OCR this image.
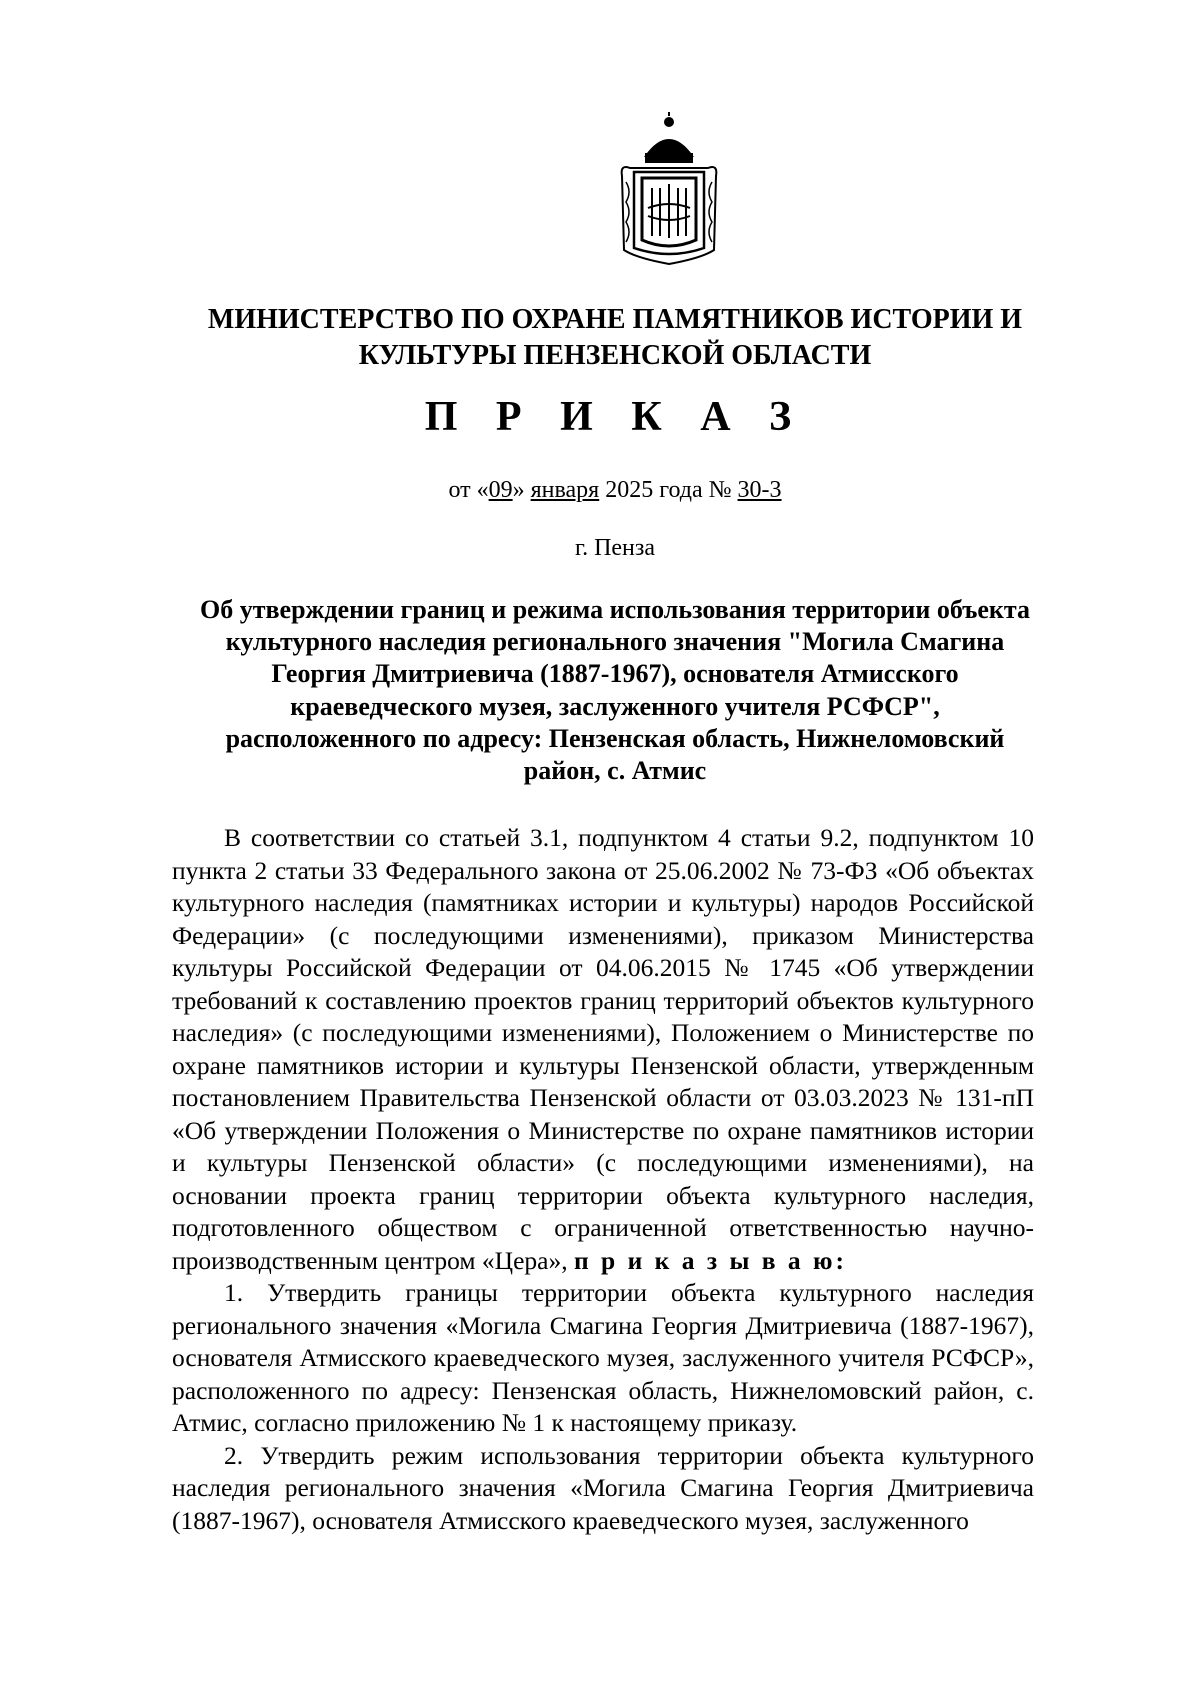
МИНИСТЕРСТВО ПО ОХРАНЕ ПАМЯТНИКОВ ИСТОРИИ И
КУЛЬТУРЫ ПЕНЗЕНСКОЙ ОБЛАСТИ
П Р И К А З
от «09» января 2025 года № 30-3
г. Пенза
Об утверждении границ и режима использования территории объекта
культурного наследия регионального значения "Могила Смагина
Георгия Дмитриевича (1887-1967), основателя Атмисского
краеведческого музея, заслуженного учителя РСФСР",
расположенного по адресу: Пензенская область, Нижнеломовский
район, с. Атмис

В соответствии со статьей 3.1, подпунктом 4 статьи 9.2, подпунктом 10 пункта 2 статьи 33 Федерального закона от 25.06.2002 № 73-ФЗ «Об объектах культурного наследия (памятниках истории и культуры) народов Российской Федерации» (с последующими изменениями), приказом Министерства культуры Российской Федерации от 04.06.2015 № 1745 «Об утверждении требований к составлению проектов границ территорий объектов культурного наследия» (с последующими изменениями), Положением о Министерстве по охране памятников истории и культуры Пензенской области, утвержденным постановлением Правительства Пензенской области от 03.03.2023 № 131-пП «Об утверждении Положения о Министерстве по охране памятников истории и культуры Пензенской области» (с последующими изменениями), на основании проекта границ территории объекта культурного наследия, подготовленного обществом с ограниченной ответственностью научно-производственным центром «Цера», п р и к а з ы в а ю:

1. Утвердить границы территории объекта культурного наследия регионального значения «Могила Смагина Георгия Дмитриевича (1887-1967), основателя Атмисского краеведческого музея, заслуженного учителя РСФСР», расположенного по адресу: Пензенская область, Нижнеломовский район, с. Атмис, согласно приложению № 1 к настоящему приказу.

2. Утвердить режим использования территории объекта культурного наследия регионального значения «Могила Смагина Георгия Дмитриевича (1887-1967), основателя Атмисского краеведческого музея, заслуженного
